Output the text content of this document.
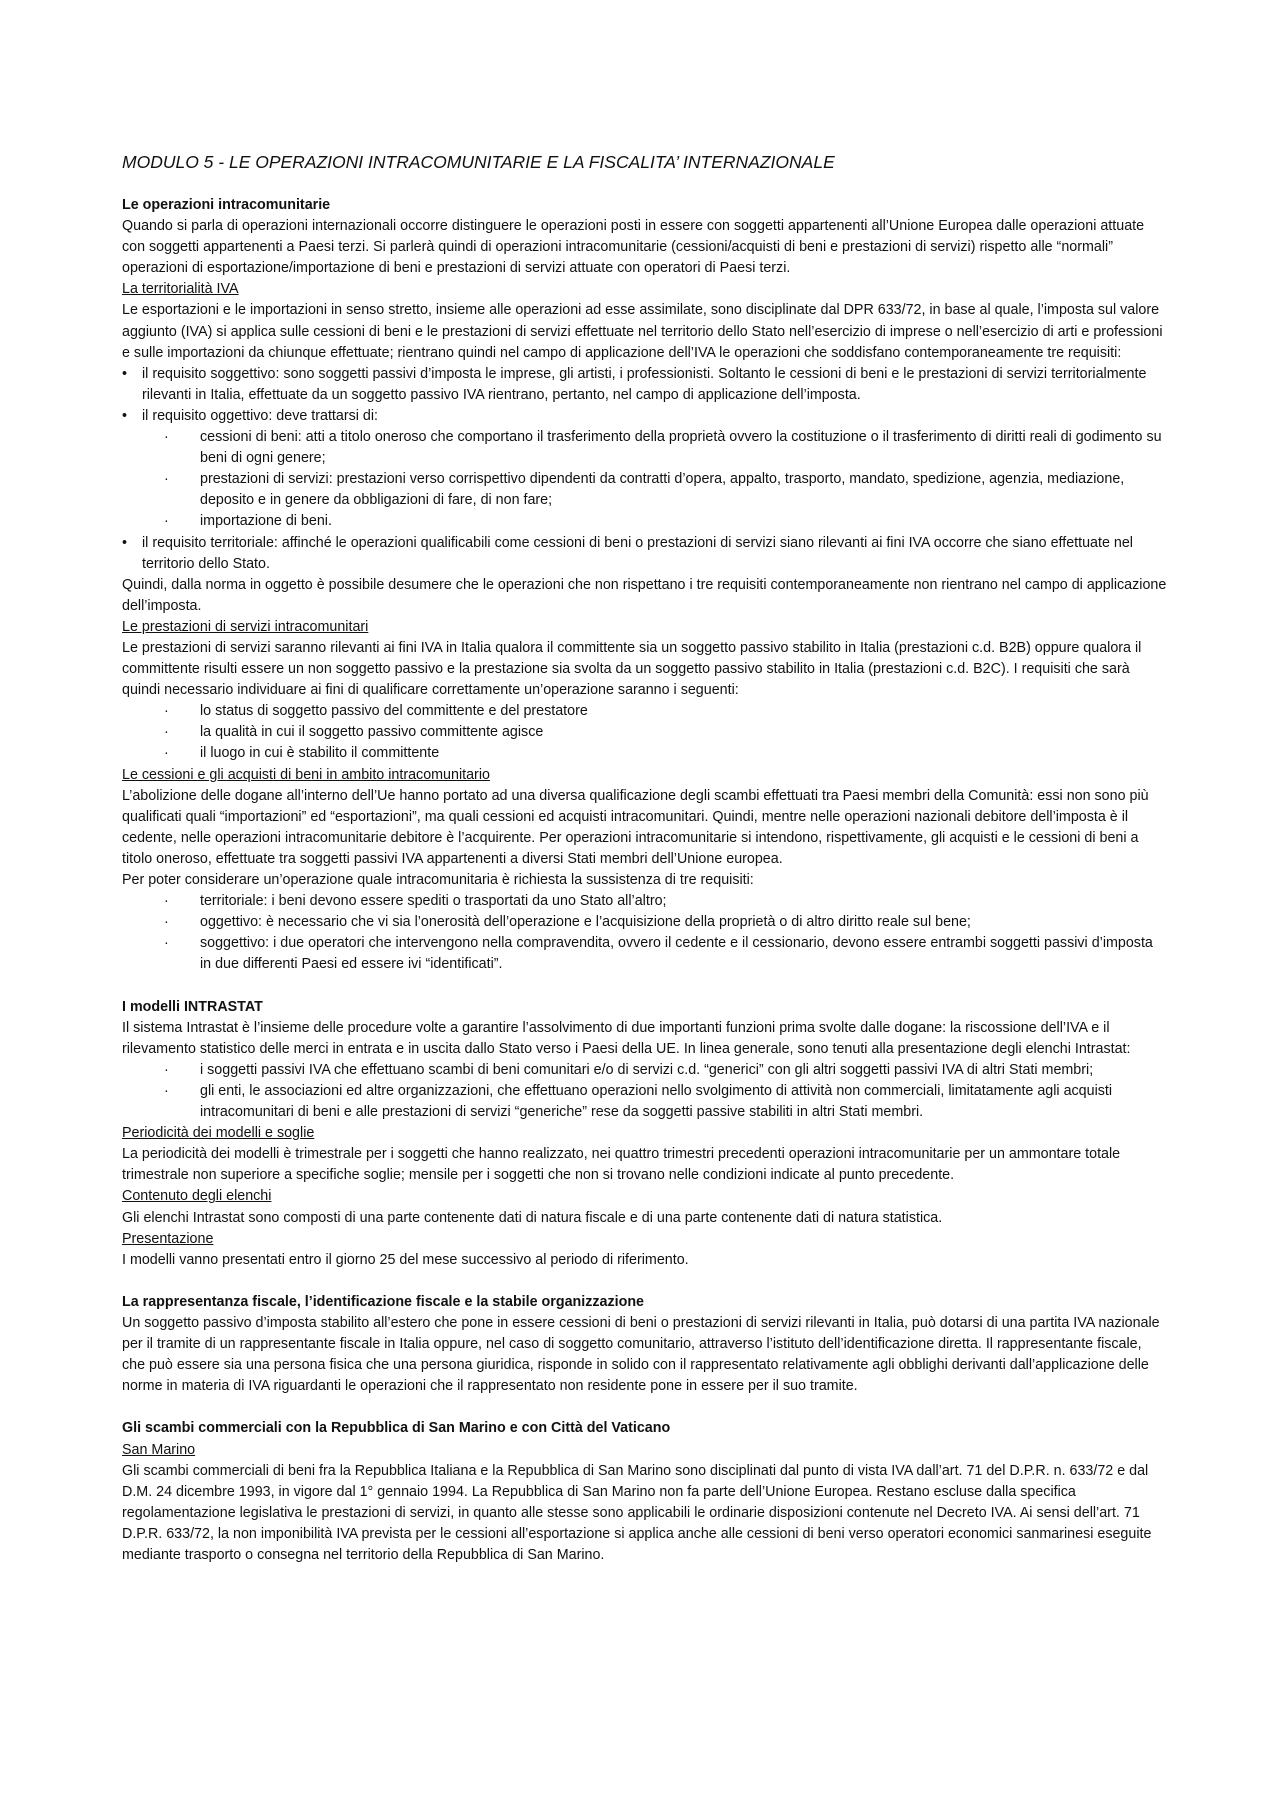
MODULO 5 - LE OPERAZIONI INTRACOMUNITARIE E LA FISCALITA’ INTERNAZIONALE

Le operazioni intracomunitarie

Quando si parla di operazioni internazionali occorre distinguere le operazioni posti in essere con soggetti appartenenti all’Unione Europea dalle operazioni attuate con soggetti appartenenti a Paesi terzi. Si parlerà quindi di operazioni intracomunitarie (cessioni/acquisti di beni e prestazioni di servizi) rispetto alle “normali” operazioni di esportazione/importazione di beni e prestazioni di servizi attuate con operatori di Paesi terzi.

La territorialità IVA

Le esportazioni e le importazioni in senso stretto, insieme alle operazioni ad esse assimilate, sono disciplinate dal DPR 633/72, in base al quale, l’imposta sul valore aggiunto (IVA) si applica sulle cessioni di beni e le prestazioni di servizi effettuate nel territorio dello Stato nell’esercizio di imprese o nell’esercizio di arti e professioni e sulle importazioni da chiunque effettuate; rientrano quindi nel campo di applicazione dell’IVA le operazioni che soddisfano contemporaneamente tre requisiti:

• il requisito soggettivo: sono soggetti passivi d’imposta le imprese, gli artisti, i professionisti. Soltanto le cessioni di beni e le prestazioni di servizi territorialmente rilevanti in Italia, effettuate da un soggetto passivo IVA rientrano, pertanto, nel campo di applicazione dell’imposta.

• il requisito oggettivo: deve trattarsi di:

· cessioni di beni: atti a titolo oneroso che comportano il trasferimento della proprietà ovvero la costituzione o il trasferimento di diritti reali di godimento su beni di ogni genere;

· prestazioni di servizi: prestazioni verso corrispettivo dipendenti da contratti d’opera, appalto, trasporto, mandato, spedizione, agenzia, mediazione, deposito e in genere da obbligazioni di fare, di non fare;

· importazione di beni.

• il requisito territoriale: affinché le operazioni qualificabili come cessioni di beni o prestazioni di servizi siano rilevanti ai fini IVA occorre che siano effettuate nel territorio dello Stato.

Quindi, dalla norma in oggetto è possibile desumere che le operazioni che non rispettano i tre requisiti contemporaneamente non rientrano nel campo di applicazione dell’imposta.

Le prestazioni di servizi intracomunitari

Le prestazioni di servizi saranno rilevanti ai fini IVA in Italia qualora il committente sia un soggetto passivo stabilito in Italia (prestazioni c.d. B2B) oppure qualora il committente risulti essere un non soggetto passivo e la prestazione sia svolta da un soggetto passivo stabilito in Italia (prestazioni c.d. B2C). I requisiti che sarà quindi necessario individuare ai fini di qualificare correttamente un’operazione saranno i seguenti:

· lo status di soggetto passivo del committente e del prestatore

· la qualità in cui il soggetto passivo committente agisce

· il luogo in cui è stabilito il committente

Le cessioni e gli acquisti di beni in ambito intracomunitario

L’abolizione delle dogane all’interno dell’Ue hanno portato ad una diversa qualificazione degli scambi effettuati tra Paesi membri della Comunità: essi non sono più qualificati quali “importazioni” ed “esportazioni”, ma quali cessioni ed acquisti intracomunitari. Quindi, mentre nelle operazioni nazionali debitore dell’imposta è il cedente, nelle operazioni intracomunitarie debitore è l’acquirente. Per operazioni intracomunitarie si intendono, rispettivamente, gli acquisti e le cessioni di beni a titolo oneroso, effettuate tra soggetti passivi IVA appartenenti a diversi Stati membri dell’Unione europea.

Per poter considerare un’operazione quale intracomunitaria è richiesta la sussistenza di tre requisiti:

· territoriale: i beni devono essere spediti o trasportati da uno Stato all’altro;

· oggettivo: è necessario che vi sia l’onerosità dell’operazione e l’acquisizione della proprietà o di altro diritto reale sul bene;

· soggettivo: i due operatori che intervengono nella compravendita, ovvero il cedente e il cessionario, devono essere entrambi soggetti passivi d’imposta in due differenti Paesi ed essere ivi “identificati”.

I modelli INTRASTAT

Il sistema Intrastat è l’insieme delle procedure volte a garantire l’assolvimento di due importanti funzioni prima svolte dalle dogane: la riscossione dell’IVA e il rilevamento statistico delle merci in entrata e in uscita dallo Stato verso i Paesi della UE. In linea generale, sono tenuti alla presentazione degli elenchi Intrastat:

· i soggetti passivi IVA che effettuano scambi di beni comunitari e/o di servizi c.d. “generici” con gli altri soggetti passivi IVA di altri Stati membri;

· gli enti, le associazioni ed altre organizzazioni, che effettuano operazioni nello svolgimento di attività non commerciali, limitatamente agli acquisti intracomunitari di beni e alle prestazioni di servizi “generiche” rese da soggetti passive stabiliti in altri Stati membri.

Periodicità dei modelli e soglie

La periodicità dei modelli è trimestrale per i soggetti che hanno realizzato, nei quattro trimestri precedenti operazioni intracomunitarie per un ammontare totale trimestrale non superiore a specifiche soglie; mensile per i soggetti che non si trovano nelle condizioni indicate al punto precedente.

Contenuto degli elenchi

Gli elenchi Intrastat sono composti di una parte contenente dati di natura fiscale e di una parte contenente dati di natura statistica.

Presentazione

I modelli vanno presentati entro il giorno 25 del mese successivo al periodo di riferimento.

La rappresentanza fiscale, l’identificazione fiscale e la stabile organizzazione

Un soggetto passivo d’imposta stabilito all’estero che pone in essere cessioni di beni o prestazioni di servizi rilevanti in Italia, può dotarsi di una partita IVA nazionale per il tramite di un rappresentante fiscale in Italia oppure, nel caso di soggetto comunitario, attraverso l’istituto dell’identificazione diretta. Il rappresentante fiscale, che può essere sia una persona fisica che una persona giuridica, risponde in solido con il rappresentato relativamente agli obblighi derivanti dall’applicazione delle norme in materia di IVA riguardanti le operazioni che il rappresentato non residente pone in essere per il suo tramite.

Gli scambi commerciali con la Repubblica di San Marino e con Città del Vaticano

San Marino

Gli scambi commerciali di beni fra la Repubblica Italiana e la Repubblica di San Marino sono disciplinati dal punto di vista IVA dall’art. 71 del D.P.R. n. 633/72 e dal D.M. 24 dicembre 1993, in vigore dal 1° gennaio 1994. La Repubblica di San Marino non fa parte dell’Unione Europea. Restano escluse dalla specifica regolamentazione legislativa le prestazioni di servizi, in quanto alle stesse sono applicabili le ordinarie disposizioni contenute nel Decreto IVA. Ai sensi dell’art. 71 D.P.R. 633/72, la non imponibilità IVA prevista per le cessioni all’esportazione si applica anche alle cessioni di beni verso operatori economici sanmarinesi eseguite mediante trasporto o consegna nel territorio della Repubblica di San Marino.
